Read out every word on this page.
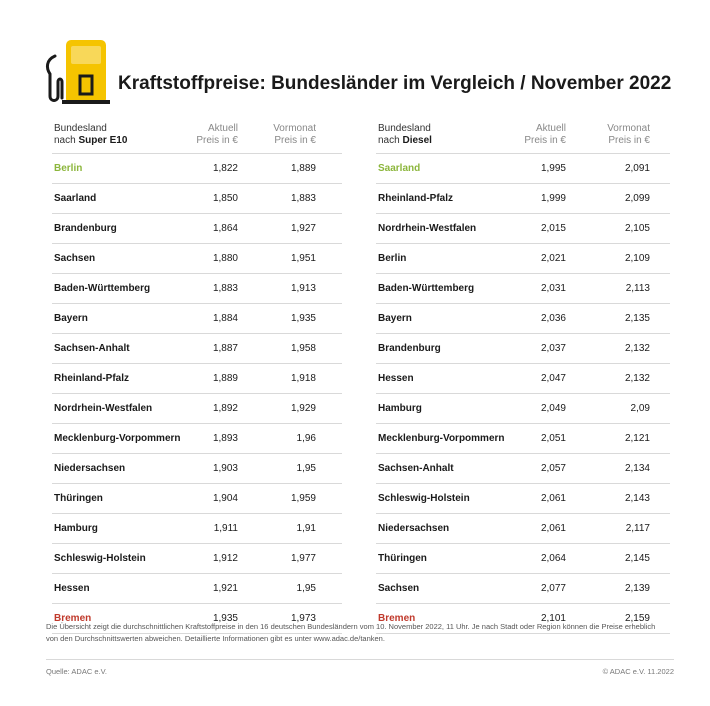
Kraftstoffpreise: Bundesländer im Vergleich / November 2022
Bundesland
nach Super E10
Aktuell
Preis in €
Vormonat
Preis in €
Berlin	1,822	1,889
Saarland	1,850	1,883
Brandenburg	1,864	1,927
Sachsen	1,880	1,951
Baden-Württemberg	1,883	1,913
Bayern	1,884	1,935
Sachsen-Anhalt	1,887	1,958
Rheinland-Pfalz	1,889	1,918
Nordrhein-Westfalen	1,892	1,929
Mecklenburg-Vorpommern	1,893	1,96
Niedersachsen	1,903	1,95
Thüringen	1,904	1,959
Hamburg	1,911	1,91
Schleswig-Holstein	1,912	1,977
Hessen	1,921	1,95
Bremen	1,935	1,973
Bundesland
nach Diesel
Aktuell
Preis in €
Vormonat
Preis in €
Saarland	1,995	2,091
Rheinland-Pfalz	1,999	2,099
Nordrhein-Westfalen	2,015	2,105
Berlin	2,021	2,109
Baden-Württemberg	2,031	2,113
Bayern	2,036	2,135
Brandenburg	2,037	2,132
Hessen	2,047	2,132
Hamburg	2,049	2,09
Mecklenburg-Vorpommern	2,051	2,121
Sachsen-Anhalt	2,057	2,134
Schleswig-Holstein	2,061	2,143
Niedersachsen	2,061	2,117
Thüringen	2,064	2,145
Sachsen	2,077	2,139
Bremen	2,101	2,159
Die Übersicht zeigt die durchschnittlichen Kraftstoffpreise in den 16 deutschen Bundesländern vom 10. November 2022, 11 Uhr. Je nach Stadt oder Region können die Preise erheblich von den Durchschnittswerten abweichen. Detaillierte Informationen gibt es unter www.adac.de/tanken.
Quelle: ADAC e.V.	© ADAC e.V. 11.2022
